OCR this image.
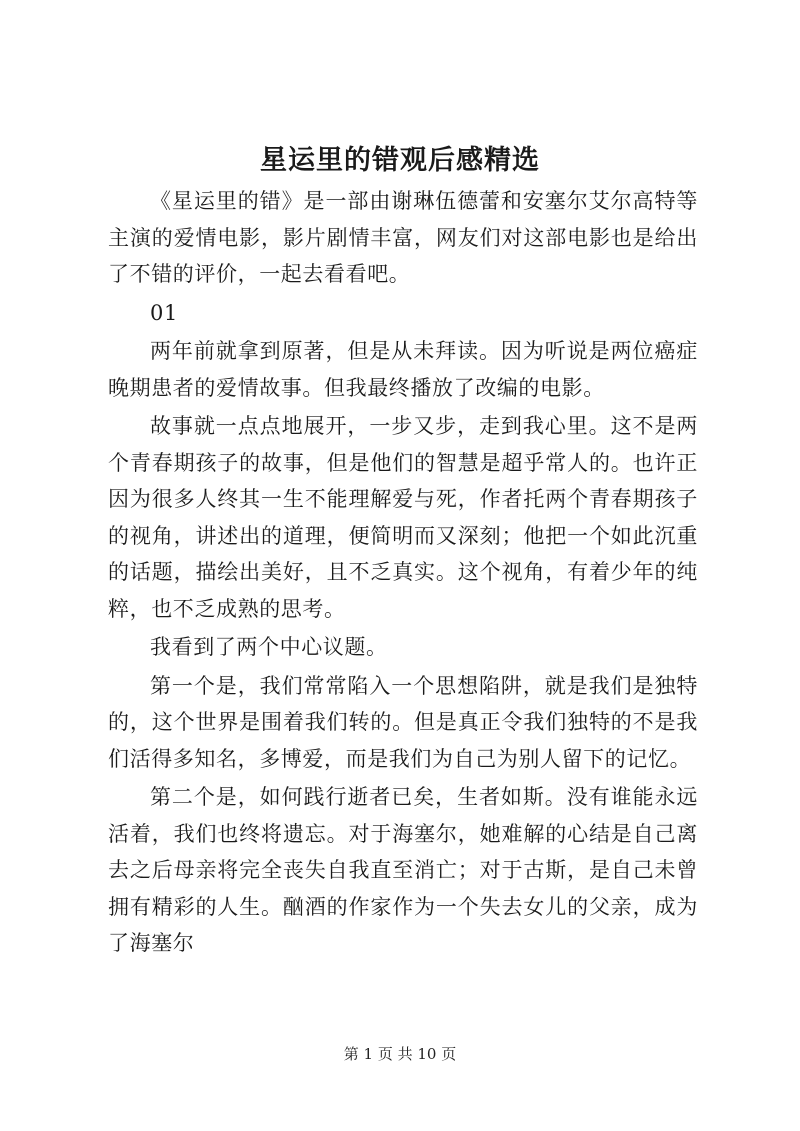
星运里的错观后感精选

《星运里的错》是一部由谢琳伍德蕾和安塞尔艾尔高特等主演的爱情电影，影片剧情丰富，网友们对这部电影也是给出了不错的评价，一起去看看吧。

01

两年前就拿到原著，但是从未拜读。因为听说是两位癌症晚期患者的爱情故事。但我最终播放了改编的电影。

故事就一点点地展开，一步又步，走到我心里。这不是两个青春期孩子的故事，但是他们的智慧是超乎常人的。也许正因为很多人终其一生不能理解爱与死，作者托两个青春期孩子的视角，讲述出的道理，便简明而又深刻；他把一个如此沉重的话题，描绘出美好，且不乏真实。这个视角，有着少年的纯粹，也不乏成熟的思考。

我看到了两个中心议题。

第一个是，我们常常陷入一个思想陷阱，就是我们是独特的，这个世界是围着我们转的。但是真正令我们独特的不是我们活得多知名，多博爱，而是我们为自己为别人留下的记忆。

第二个是，如何践行逝者已矣，生者如斯。没有谁能永远活着，我们也终将遗忘。对于海塞尔，她难解的心结是自己离去之后母亲将完全丧失自我直至消亡；对于古斯，是自己未曾拥有精彩的人生。酗酒的作家作为一个失去女儿的父亲，成为了海塞尔

第 1 页 共 10 页
